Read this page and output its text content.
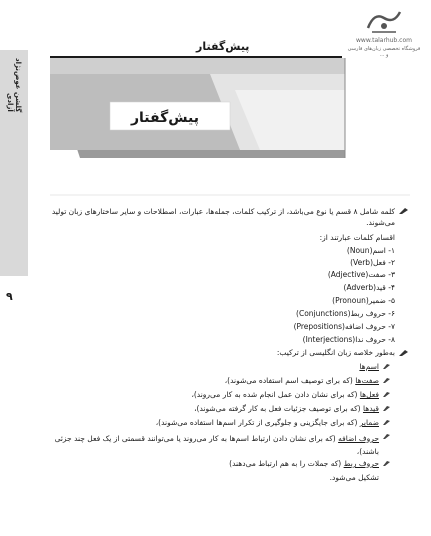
پیش‌گفتار
پیش‌گفتار	www.talarhub.com
فروشگاه تخصصی زبان‌های فارسی و ...
گلشن عوض‌نژاد آزادی
۹
کلمه شامل ۸ قسم یا نوع می‌باشد، از ترکیب کلمات، جمله‌ها، عبارات، اصطلاحات و سایر ساختارهای زبان تولید می‌شوند.
اقسام کلمات عبارتند از:
۱- اسم(Noun)
۲- فعل(Verb)
۳- صفت(Adjective)
۴- قید(Adverb)
۵- ضمیر(Pronoun)
۶- حروف ربط(Conjunctions)
۷- حروف اضافه(Prepositions)
۸- حروف ندا(Interjections)
به‌طور خلاصه زبان انگلیسی از ترکیب:
اسم‌ها
صفت‌ها (که برای توصیف اسم استفاده می‌شوند)،
فعل‌ها (که برای نشان دادن عمل انجام شده به کار می‌روند)،
قیدها (که برای توصیف جزئیات فعل به کار گرفته می‌شوند)،
ضمایر (که برای جایگزینی و جلوگیری از تکرار اسم‌ها استفاده می‌شوند)،
حروف اضافه (که برای نشان دادن ارتباط اسم‌ها به کار می‌روند یا می‌توانند قسمتی از یک فعل چند جزئی باشند)،
حروف ربط (که جملات را به هم ارتباط می‌دهند)
تشکیل می‌شود.
